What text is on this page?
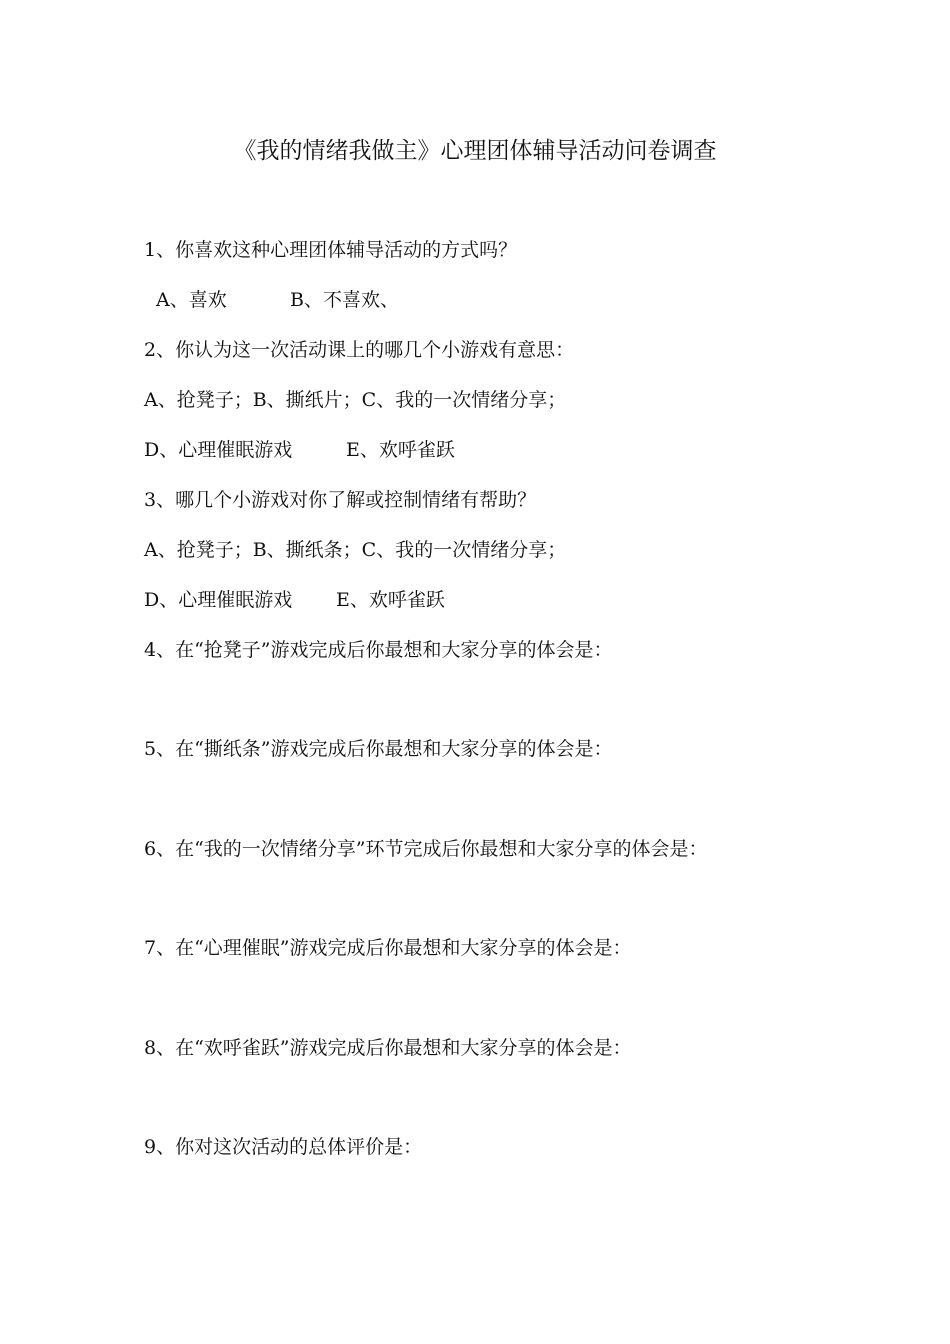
《我的情绪我做主》心理团体辅导活动问卷调查
1、你喜欢这种心理团体辅导活动的方式吗？
A、喜欢	B、不喜欢、
2、你认为这一次活动课上的哪几个小游戏有意思：
A、抢凳子；B、撕纸片；C、我的一次情绪分享；
D、心理催眠游戏	E、欢呼雀跃
3、哪几个小游戏对你了解或控制情绪有帮助？
A、抢凳子；B、撕纸条；C、我的一次情绪分享；
D、心理催眠游戏 E、欢呼雀跃
4、在“抢凳子”游戏完成后你最想和大家分享的体会是：
5、在“撕纸条”游戏完成后你最想和大家分享的体会是：
6、在“我的一次情绪分享”环节完成后你最想和大家分享的体会是：
7、在“心理催眠”游戏完成后你最想和大家分享的体会是：
8、在“欢呼雀跃”游戏完成后你最想和大家分享的体会是：
9、你对这次活动的总体评价是：
